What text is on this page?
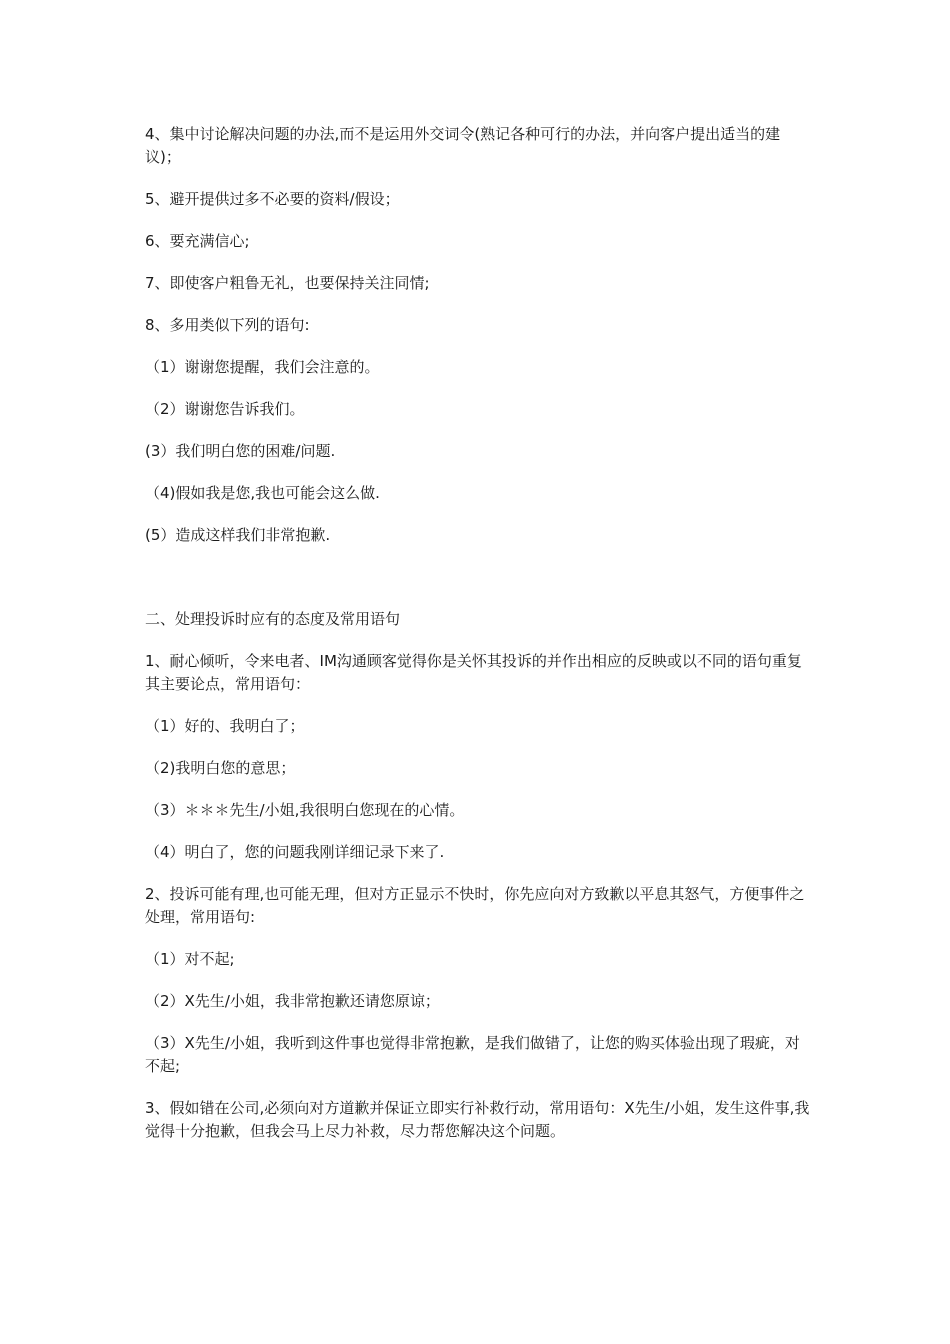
4、集中讨论解决问题的办法,而不是运用外交词令(熟记各种可行的办法，并向客户提出适当的建议)；

5、避开提供过多不必要的资料/假设；

6、要充满信心;

7、即使客户粗鲁无礼，也要保持关注同情;

8、多用类似下列的语句:

（1）谢谢您提醒，我们会注意的。

（2）谢谢您告诉我们。

(3）我们明白您的困难/问题.

（4)假如我是您,我也可能会这么做.

(5）造成这样我们非常抱歉.

二、处理投诉时应有的态度及常用语句

1、耐心倾听，令来电者、IM沟通顾客觉得你是关怀其投诉的并作出相应的反映或以不同的语句重复其主要论点，常用语句：

（1）好的、我明白了；

（2)我明白您的意思；

（3）＊＊＊先生/小姐,我很明白您现在的心情。

（4）明白了，您的问题我刚详细记录下来了.

2、投诉可能有理,也可能无理，但对方正显示不快时，你先应向对方致歉以平息其怒气，方便事件之处理，常用语句:

（1）对不起;

（2）X先生/小姐，我非常抱歉还请您原谅；

（3）X先生/小姐，我听到这件事也觉得非常抱歉，是我们做错了，让您的购买体验出现了瑕疵，对不起;

3、假如错在公司,必须向对方道歉并保证立即实行补救行动，常用语句：X先生/小姐，发生这件事,我觉得十分抱歉，但我会马上尽力补救，尽力帮您解决这个问题。
